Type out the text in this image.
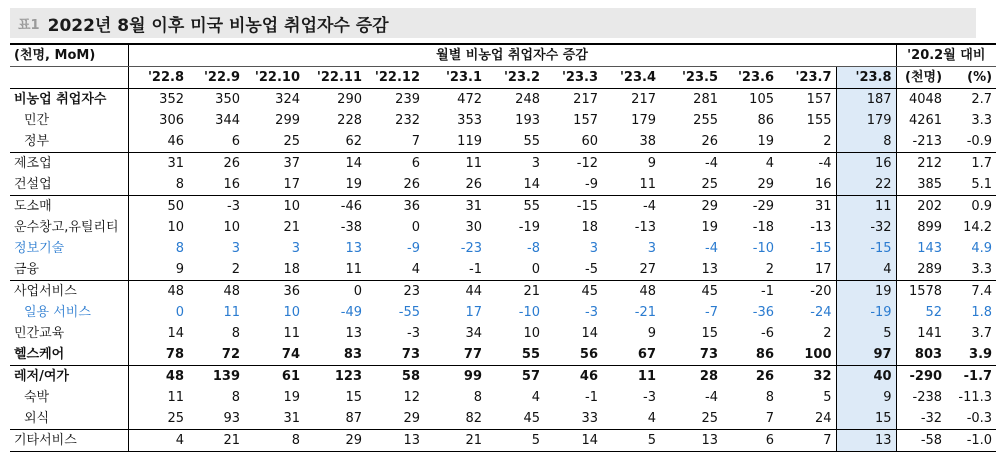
표1 2022년 8월 이후 미국 비농업 취업자수 증감
(천명, MoM)	월별 비농업 취업자수 증감													'20.2월 대비	
	'22.8	'22.9	'22.10	'22.11	'22.12	'23.1	'23.2	'23.3	'23.4	'23.5	'23.6	'23.7	'23.8	(천명)	(%)
비농업 취업자수	352	350	324	290	239	472	248	217	217	281	105	157	187	4048	2.7
민간	306	344	299	228	232	353	193	157	179	255	86	155	179	4261	3.3
정부	46	6	25	62	7	119	55	60	38	26	19	2	8	-213	-0.9
제조업	31	26	37	14	6	11	3	-12	9	-4	4	-4	16	212	1.7
건설업	8	16	17	19	26	26	14	-9	11	25	29	16	22	385	5.1
도소매	50	-3	10	-46	36	31	55	-15	-4	29	-29	31	11	202	0.9
운수창고,유틸리티	10	10	21	-38	0	30	-19	18	-13	19	-18	-13	-32	899	14.2
정보기술	8	3	3	13	-9	-23	-8	3	3	-4	-10	-15	-15	143	4.9
금융	9	2	18	11	4	-1	0	-5	27	13	2	17	4	289	3.3
사업서비스	48	48	36	0	23	44	21	45	48	45	-1	-20	19	1578	7.4
일용 서비스	0	11	10	-49	-55	17	-10	-3	-21	-7	-36	-24	-19	52	1.8
민간교육	14	8	11	13	-3	34	10	14	9	15	-6	2	5	141	3.7
헬스케어	78	72	74	83	73	77	55	56	67	73	86	100	97	803	3.9
레저/여가	48	139	61	123	58	99	57	46	11	28	26	32	40	-290	-1.7
숙박	11	8	19	15	12	8	4	-1	-3	-4	8	5	9	-238	-11.3
외식	25	93	31	87	29	82	45	33	4	25	7	24	15	-32	-0.3
기타서비스	4	21	8	29	13	21	5	14	5	13	6	7	13	-58	-1.0
